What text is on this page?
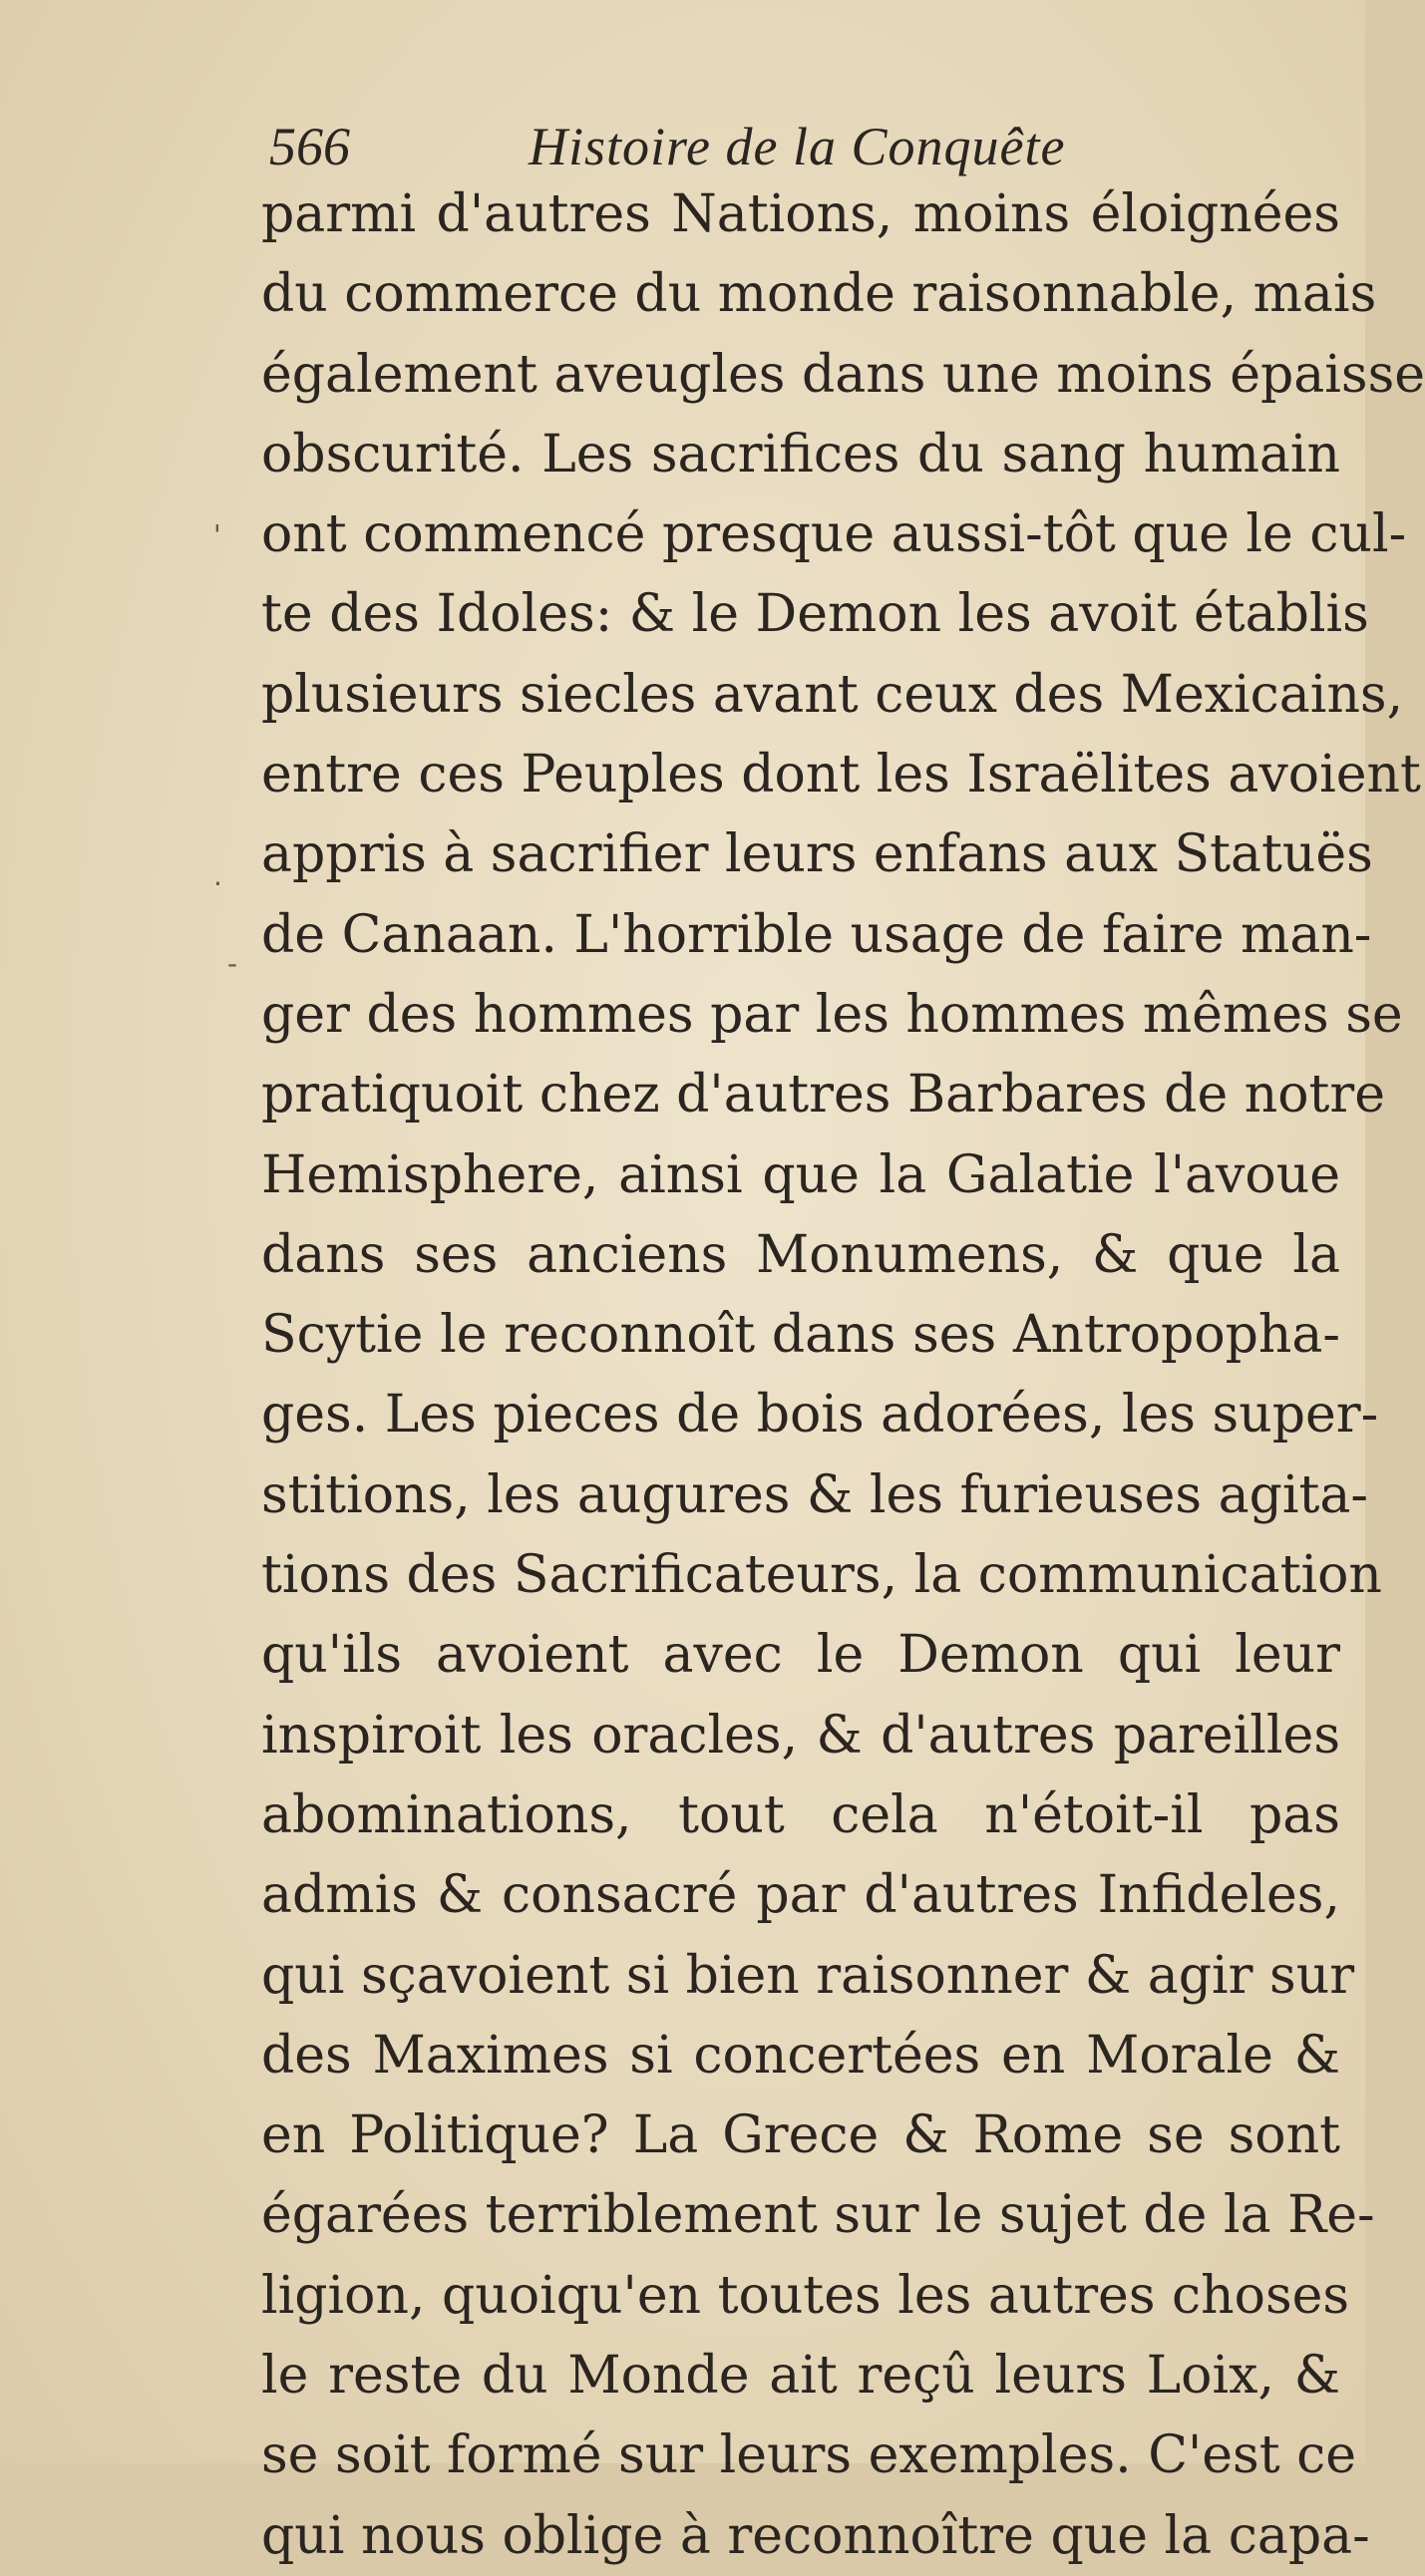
566	Histoire de la Conquête
'
.
-
parmi d'autres Nations, moins éloignées
du commerce du monde raisonnable, mais
également aveugles dans une moins épaisse
obscurité. Les sacrifices du sang humain
ont commencé presque aussi-tôt que le cul-
te des Idoles: & le Demon les avoit établis
plusieurs siecles avant ceux des Mexicains,
entre ces Peuples dont les Israëlites avoient
appris à sacrifier leurs enfans aux Statuës
de Canaan. L'horrible usage de faire man-
ger des hommes par les hommes mêmes se
pratiquoit chez d'autres Barbares de notre
Hemisphere, ainsi que la Galatie l'avoue
dans ses anciens Monumens, & que la
Scytie le reconnoît dans ses Antropopha-
ges. Les pieces de bois adorées, les super-
stitions, les augures & les furieuses agita-
tions des Sacrificateurs, la communication
qu'ils avoient avec le Demon qui leur
inspiroit les oracles, & d'autres pareilles
abominations, tout cela n'étoit-il pas
admis & consacré par d'autres Infideles,
qui sçavoient si bien raisonner & agir sur
des Maximes si concertées en Morale &
en Politique? La Grece & Rome se sont
égarées terriblement sur le sujet de la Re-
ligion, quoiqu'en toutes les autres choses
le reste du Monde ait reçû leurs Loix, &
se soit formé sur leurs exemples. C'est ce
qui nous oblige à reconnoître que la capa-
